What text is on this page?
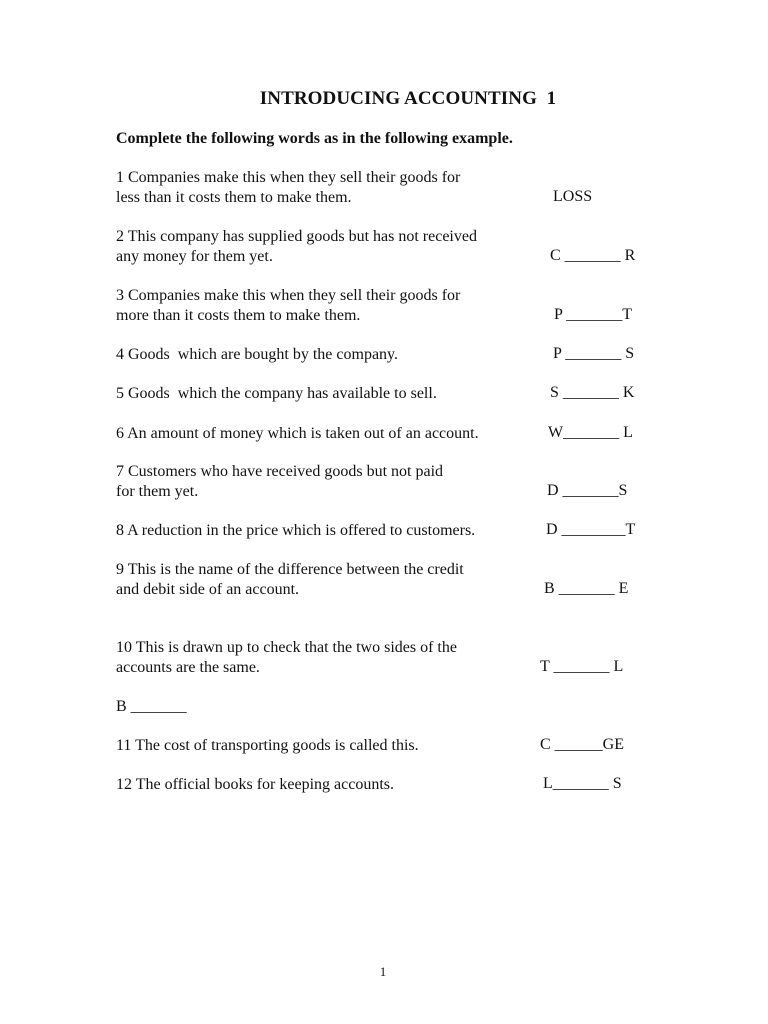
INTRODUCING ACCOUNTING  1
Complete the following words as in the following example.
1 Companies make this when they sell their goods for
less than it costs them to make them.	LOSS
2 This company has supplied goods but has not received
any money for them yet.	C _______ R
3 Companies make this when they sell their goods for
more than it costs them to make them.	P _______T
4 Goods  which are bought by the company.	P _______ S
5 Goods  which the company has available to sell.	S _______ K
6 An amount of money which is taken out of an account.	W_______ L
7 Customers who have received goods but not paid
for them yet.	D _______S
8 A reduction in the price which is offered to customers.	D ________T
9 This is the name of the difference between the credit
and debit side of an account.	B _______ E
10 This is drawn up to check that the two sides of the
accounts are the same.	T _______ L
B _______
11 The cost of transporting goods is called this.	C ______GE
12 The official books for keeping accounts.	L_______ S
1
